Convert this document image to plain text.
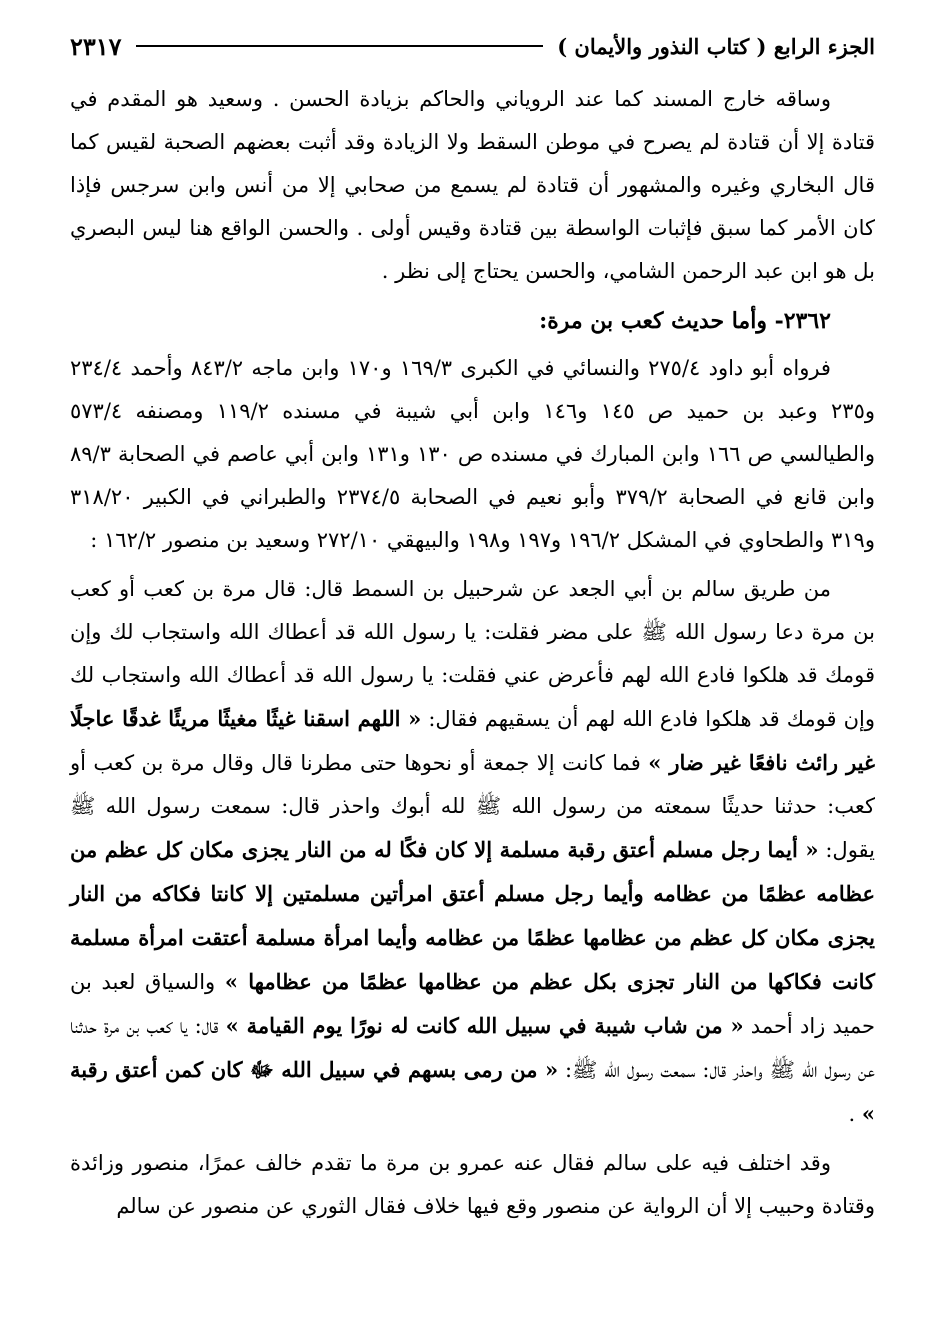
الجزء الرابع ( كتاب النذور والأيمان )
٢٣١٧

وساقه خارج المسند كما عند الروياني والحاكم بزيادة الحسن . وسعيد هو المقدم في قتادة إلا أن قتادة لم يصرح في موطن السقط ولا الزيادة وقد أثبت بعضهم الصحبة لقيس كما قال البخاري وغيره والمشهور أن قتادة لم يسمع من صحابي إلا من أنس وابن سرجس فإذا كان الأمر كما سبق فإثبات الواسطة بين قتادة وقيس أولى . والحسن الواقع هنا ليس البصري بل هو ابن عبد الرحمن الشامي، والحسن يحتاج إلى نظر .

٢٣٦٢- وأما حديث كعب بن مرة:

فرواه أبو داود ٢٧٥/٤ والنسائي في الكبرى ١٦٩/٣ و١٧٠ وابن ماجه ٨٤٣/٢ وأحمد ٢٣٤/٤ و٢٣٥ وعبد بن حميد ص ١٤٥ و١٤٦ وابن أبي شيبة في مسنده ١١٩/٢ ومصنفه ٥٧٣/٤ والطيالسي ص ١٦٦ وابن المبارك في مسنده ص ١٣٠ و١٣١ وابن أبي عاصم في الصحابة ٨٩/٣ وابن قانع في الصحابة ٣٧٩/٢ وأبو نعيم في الصحابة ٢٣٧٤/٥ والطبراني في الكبير ٣١٨/٢٠ و٣١٩ والطحاوي في المشكل ١٩٦/٢ و١٩٧ و١٩٨ والبيهقي ٢٧٢/١٠ وسعيد بن منصور ١٦٢/٢ :

من طريق سالم بن أبي الجعد عن شرحبيل بن السمط قال: قال مرة بن كعب أو كعب بن مرة دعا رسول الله ﷺ على مضر فقلت: يا رسول الله قد أعطاك الله واستجاب لك وإن قومك قد هلكوا فادع الله لهم فأعرض عني فقلت: يا رسول الله قد أعطاك الله واستجاب لك وإن قومك قد هلكوا فادع الله لهم أن يسقيهم فقال: « اللهم اسقنا غيثًا مغيثًا مريئًا غدقًا عاجلًا غير رائث نافعًا غير ضار » فما كانت إلا جمعة أو نحوها حتى مطرنا قال وقال مرة بن كعب أو كعب: حدثنا حديثًا سمعته من رسول الله ﷺ لله أبوك واحذر قال: سمعت رسول الله ﷺ يقول: « أيما رجل مسلم أعتق رقبة مسلمة إلا كان فكًا له من النار يجزى مكان كل عظم من عظامه عظمًا من عظامه وأيما رجل مسلم أعتق امرأتين مسلمتين إلا كانتا فكاكه من النار يجزى مكان كل عظم من عظامها عظمًا من عظامه وأيما امرأة مسلمة أعتقت امرأة مسلمة كانت فكاكها من النار تجزى بكل عظم من عظامها عظمًا من عظامها » والسياق لعبد بن حميد زاد أحمد « من شاب شيبة في سبيل الله كانت له نورًا يوم القيامة » قال: يا كعب بن مرة حدثنا عن رسول الله ﷺ واحذر قال: سمعت رسول الله ﷺ: « من رمى بسهم في سبيل الله ﷻ كان كمن أعتق رقبة » .

وقد اختلف فيه على سالم فقال عنه عمرو بن مرة ما تقدم خالف عمرًا، منصور وزائدة وقتادة وحبيب إلا أن الرواية عن منصور وقع فيها خلاف فقال الثوري عن منصور عن سالم
